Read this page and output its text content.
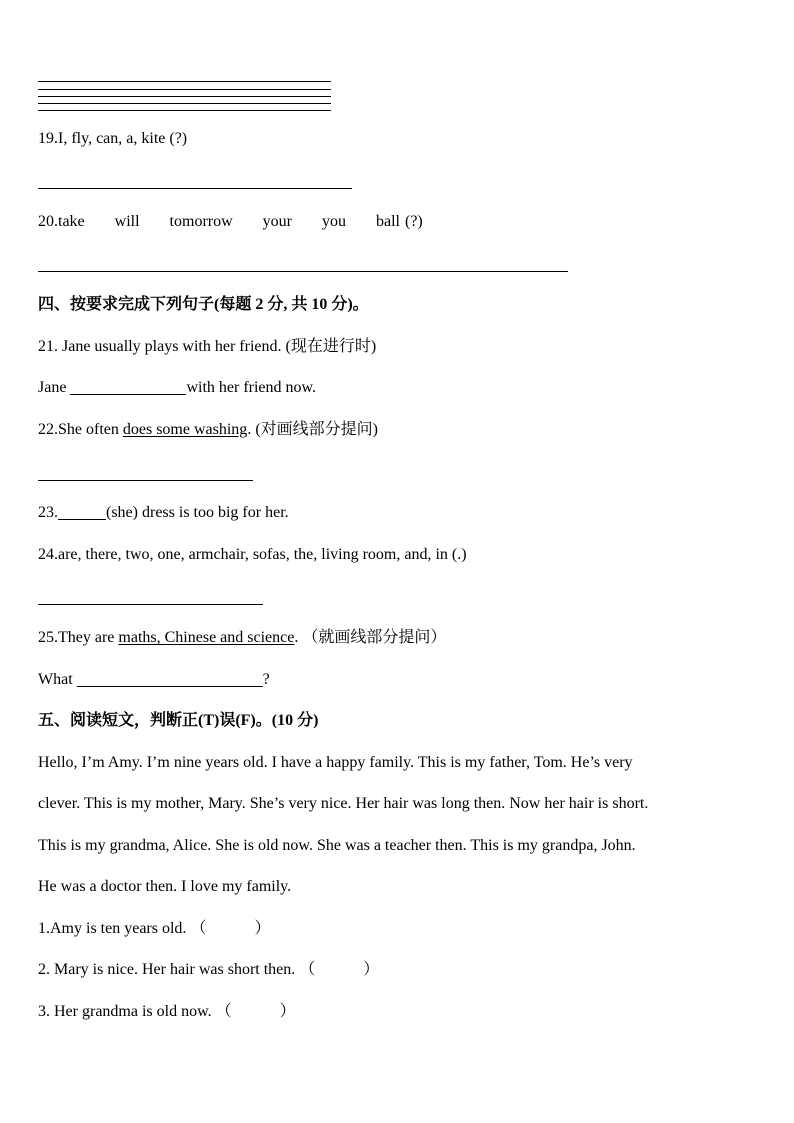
19.I, fly, can, a, kite (?)
20.take will tomorrow your you ball (?)
四、按要求完成下列句子(每题 2 分, 共 10 分)。
21. Jane usually plays with her friend. (现在进行时)
Jane	with her friend now.
22.She often does some washing. (对画线部分提问)
23.	(she) dress is too big for her.
24.are, there, two, one, armchair, sofas, the, living room, and, in (.)
25.They are maths, Chinese and science. （就画线部分提问）
What	?
五、阅读短文，判断正(T)误(F)。(10 分)
Hello, I’m Amy. I’m nine years old. I have a happy family. This is my father, Tom. He’s very
clever. This is my mother, Mary. She’s very nice. Her hair was long then. Now her hair is short.
This is my grandma, Alice. She is old now. She was a teacher then. This is my grandpa, John.
He was a doctor then. I love my family.
1.Amy is ten years old. （	）
2. Mary is nice. Her hair was short then. （	）
3. Her grandma is old now. （	）
